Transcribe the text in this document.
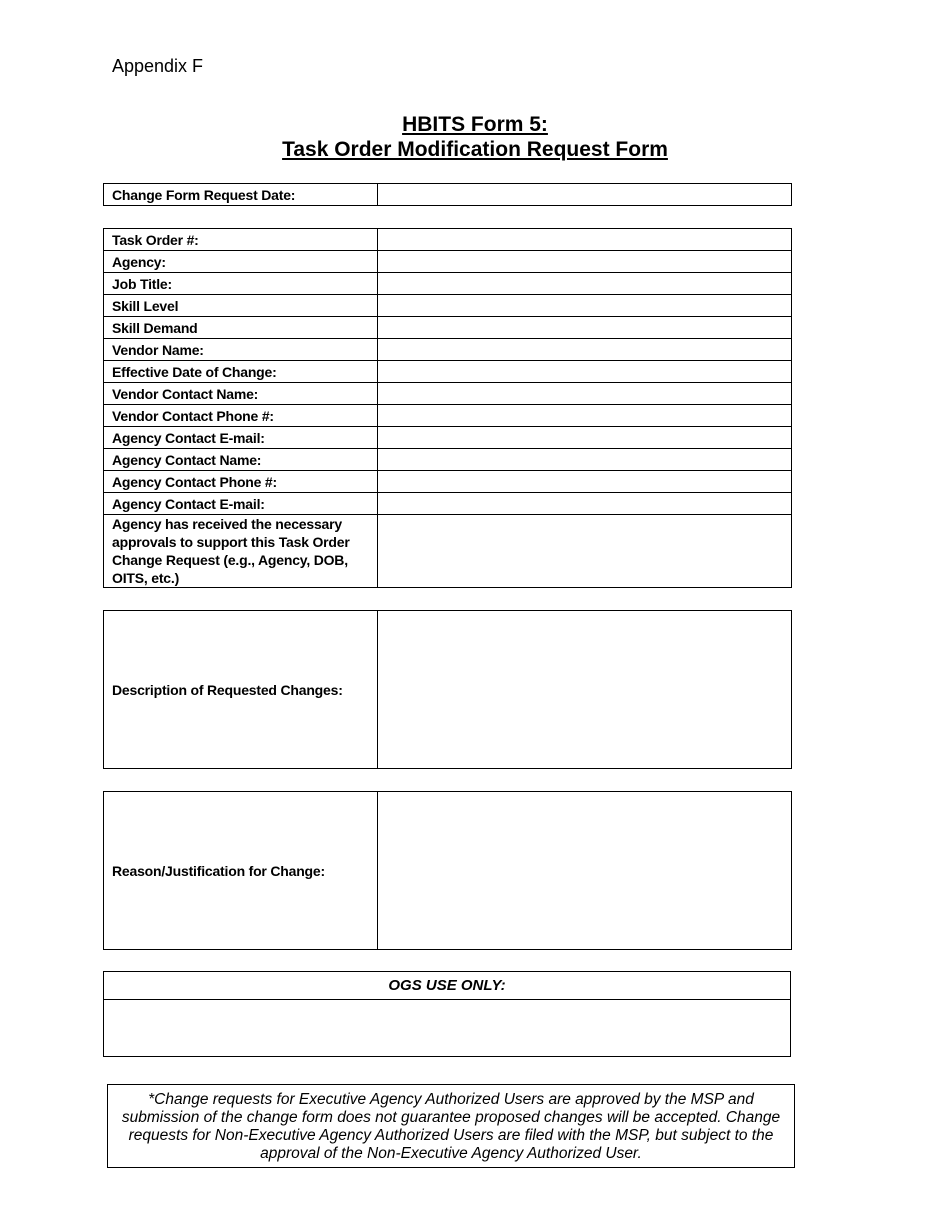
Appendix F
HBITS Form 5:
Task Order Modification Request Form
Change Form Request Date:	
Task Order #:	
Agency:	
Job Title:	
Skill Level	
Skill Demand	
Vendor Name:	
Effective Date of Change:	
Vendor Contact Name:	
Vendor Contact Phone #:	
Agency Contact E-mail:	
Agency Contact Name:	
Agency Contact Phone #:	
Agency Contact E-mail:	
Agency has received the necessary approvals to support this Task Order Change Request (e.g., Agency, DOB, OITS, etc.)	
Description of Requested Changes:	
Reason/Justification for Change:	
OGS USE ONLY:

*Change requests for Executive Agency Authorized Users are approved by the MSP and submission of the change form does not guarantee proposed changes will be accepted. Change requests for Non-Executive Agency Authorized Users are filed with the MSP, but subject to the approval of the Non-Executive Agency Authorized User.
